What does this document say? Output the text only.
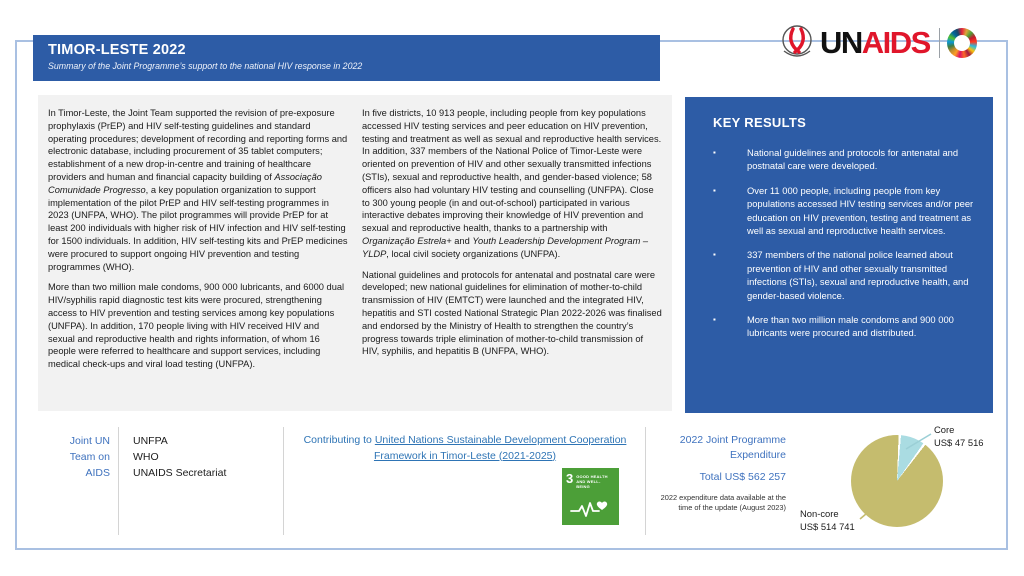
TIMOR-LESTE 2022
Summary of the Joint Programme’s support to the national HIV response in 2022
UN AIDS

In Timor-Leste, the Joint Team supported the revision of pre-exposure prophylaxis (PrEP) and HIV self-testing guidelines and standard operating procedures; development of recording and reporting forms and electronic database, including procurement of 35 tablet computers; establishment of a new drop-in-centre and training of healthcare providers and human and financial capacity building of Associação Comunidade Progresso, a key population organization to support implementation of the pilot PrEP and HIV self-testing programmes in 2023 (UNFPA, WHO). The pilot programmes will provide PrEP for at least 200 individuals with higher risk of HIV infection and HIV self-testing for 1500 individuals. In addition, HIV self-testing kits and PrEP medicines were procured to support ongoing HIV prevention and testing programmes (WHO).

More than two million male condoms, 900 000 lubricants, and 6000 dual HIV/syphilis rapid diagnostic test kits were procured, strengthening access to HIV prevention and testing services among key populations (UNFPA). In addition, 170 people living with HIV received HIV and sexual and reproductive health and rights information, of whom 16 people were referred to healthcare and support services, including medical check-ups and viral load testing (UNFPA).

In five districts, 10 913 people, including people from key populations accessed HIV testing services and peer education on HIV prevention, testing and treatment as well as sexual and reproductive health services. In addition, 337 members of the National Police of Timor-Leste were oriented on prevention of HIV and other sexually transmitted infections (STIs), sexual and reproductive health, and gender-based violence; 58 officers also had voluntary HIV testing and counselling (UNFPA). Close to 300 young people (in and out-of-school) participated in various interactive debates improving their knowledge of HIV prevention and sexual and reproductive health, thanks to a partnership with Organização Estrela+ and Youth Leadership Development Program – YLDP, local civil society organizations (UNFPA).

National guidelines and protocols for antenatal and postnatal care were developed; new national guidelines for elimination of mother-to-child transmission of HIV (EMTCT) were launched and the integrated HIV, hepatitis and STI costed National Strategic Plan 2022-2026 was finalised and endorsed by the Ministry of Health to strengthen the country’s progress towards triple elimination of mother-to-child transmission of HIV, syphilis, and hepatitis B (UNFPA, WHO).

KEY RESULTS
▪ National guidelines and protocols for antenatal and postnatal care were developed.
▪ Over 11 000 people, including people from key populations accessed HIV testing services and/or peer education on HIV prevention, testing and treatment as well as sexual and reproductive health services.
▪ 337 members of the national police learned about prevention of HIV and other sexually transmitted infections (STIs), sexual and reproductive health, and gender-based violence.
▪ More than two million male condoms and 900 000 lubricants were procured and distributed.
Joint UN
Team on
AIDS
UNFPA
WHO
UNAIDS Secretariat
Contributing to United Nations Sustainable Development Cooperation Framework in Timor-Leste (2021-2025)
3 GOOD HEALTH AND WELL-BEING
2022 Joint Programme
Expenditure
Total US$ 562 257
2022 expenditure data available at the time of the update (August 2023)
Core
US$ 47 516
Non-core
US$ 514 741
